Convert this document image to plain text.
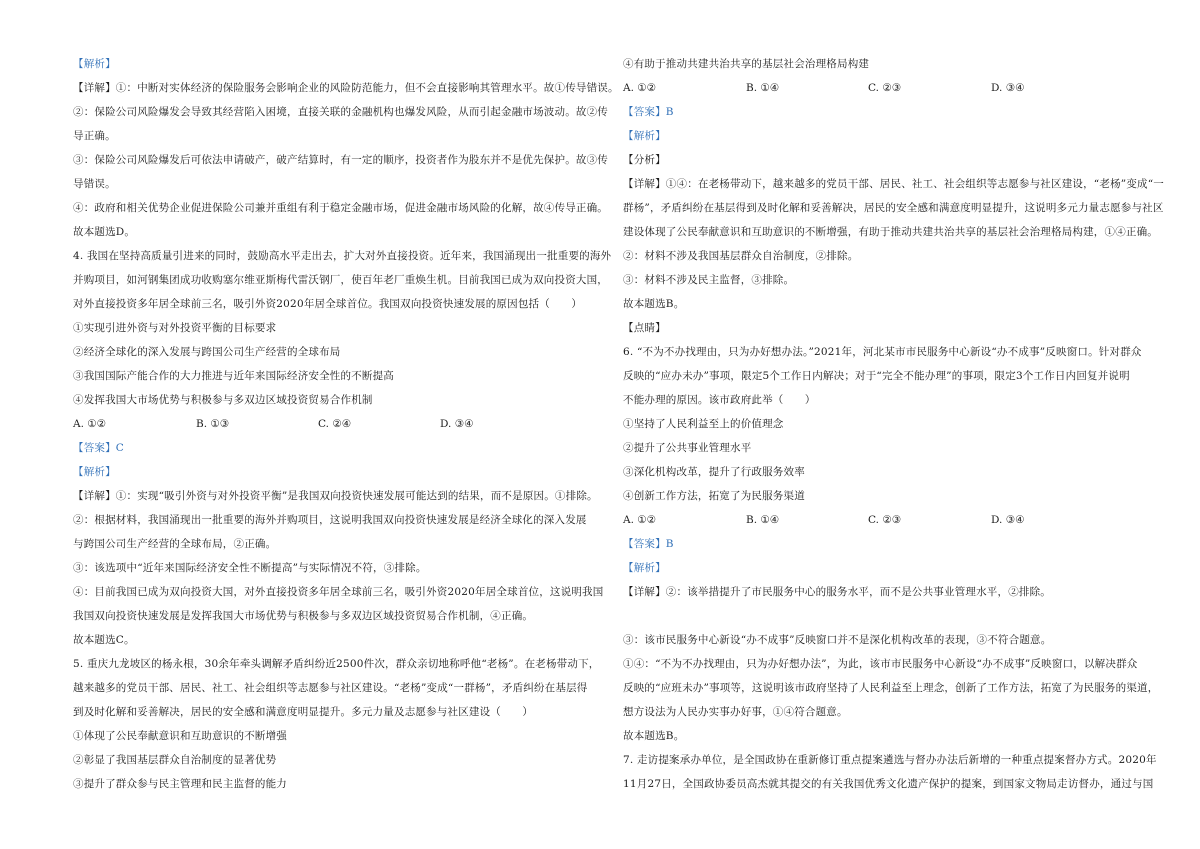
【解析】

【详解】①：中断对实体经济的保险服务会影响企业的风险防范能力，但不会直接影响其管理水平。故①传导错误。

②：保险公司风险爆发会导致其经营陷入困境，直接关联的金融机构也爆发风险，从而引起金融市场波动。故②传

导正确。

③：保险公司风险爆发后可依法申请破产，破产结算时，有一定的顺序，投资者作为股东并不是优先保护。故③传

导错误。

④：政府和相关优势企业促进保险公司兼并重组有利于稳定金融市场，促进金融市场风险的化解，故④传导正确。

故本题选D。

4. 我国在坚持高质量引进来的同时，鼓励高水平走出去，扩大对外直接投资。近年来，我国涌现出一批重要的海外

并购项目，如河钢集团成功收购塞尔维亚斯梅代雷沃钢厂，使百年老厂重焕生机。目前我国已成为双向投资大国，

对外直接投资多年居全球前三名，吸引外资2020年居全球首位。我国双向投资快速发展的原因包括（　　）

①实现引进外资与对外投资平衡的目标要求

②经济全球化的深入发展与跨国公司生产经营的全球布局

③我国国际产能合作的大力推进与近年来国际经济安全性的不断提高

④发挥我国大市场优势与积极参与多双边区域投资贸易合作机制

A. ①②	B. ①③	C. ②④	D. ③④

【答案】C

【解析】

【详解】①：实现“吸引外资与对外投资平衡”是我国双向投资快速发展可能达到的结果，而不是原因。①排除。

②：根据材料，我国涌现出一批重要的海外并购项目，这说明我国双向投资快速发展是经济全球化的深入发展

与跨国公司生产经营的全球布局，②正确。

③：该选项中“近年来国际经济安全性不断提高”与实际情况不符，③排除。

④：目前我国已成为双向投资大国，对外直接投资多年居全球前三名，吸引外资2020年居全球首位，这说明我国

我国双向投资快速发展是发挥我国大市场优势与积极参与多双边区域投资贸易合作机制，④正确。

故本题选C。

5. 重庆九龙坡区的杨永根，30余年牵头调解矛盾纠纷近2500件次，群众亲切地称呼他“老杨”。在老杨带动下，

越来越多的党员干部、居民、社工、社会组织等志愿参与社区建设。“老杨”变成“一群杨”，矛盾纠纷在基层得

到及时化解和妥善解决，居民的安全感和满意度明显提升。多元力量及志愿参与社区建设（　　）

①体现了公民奉献意识和互助意识的不断增强

②彰显了我国基层群众自治制度的显著优势

③提升了群众参与民主管理和民主监督的能力

④有助于推动共建共治共享的基层社会治理格局构建

A. ①②	B. ①④	C. ②③	D. ③④

【答案】B

【解析】

【分析】

【详解】①④：在老杨带动下，越来越多的党员干部、居民、社工、社会组织等志愿参与社区建设，“老杨”变成“一

群杨”，矛盾纠纷在基层得到及时化解和妥善解决，居民的安全感和满意度明显提升，这说明多元力量志愿参与社区

建设体现了公民奉献意识和互助意识的不断增强，有助于推动共建共治共享的基层社会治理格局构建，①④正确。

②：材料不涉及我国基层群众自治制度，②排除。

③：材料不涉及民主监督，③排除。

故本题选B。

【点睛】

6. “不为不办找理由，只为办好想办法。”2021年，河北某市市民服务中心新设“办不成事”反映窗口。针对群众

反映的“应办未办”事项，限定5个工作日内解决；对于“完全不能办理”的事项，限定3个工作日内回复并说明

不能办理的原因。该市政府此举（　　）

①坚持了人民利益至上的价值理念

②提升了公共事业管理水平

③深化机构改革，提升了行政服务效率

④创新工作方法，拓宽了为民服务渠道

A. ①②	B. ①④	C. ②③	D. ③④

【答案】B

【解析】

【详解】②：该举措提升了市民服务中心的服务水平，而不是公共事业管理水平，②排除。

③：该市民服务中心新设“办不成事”反映窗口并不是深化机构改革的表现，③不符合题意。

①④：“不为不办找理由，只为办好想办法”，为此，该市市民服务中心新设“办不成事”反映窗口，以解决群众

反映的“应班未办”事项等，这说明该市政府坚持了人民利益至上理念，创新了工作方法，拓宽了为民服务的渠道，

想方设法为人民办实事办好事，①④符合题意。

故本题选B。

7. 走访提案承办单位，是全国政协在重新修订重点提案遴选与督办办法后新增的一种重点提案督办方式。2020年

11月27日，全国政协委员高杰就其提交的有关我国优秀文化遗产保护的提案，到国家文物局走访督办，通过与国
